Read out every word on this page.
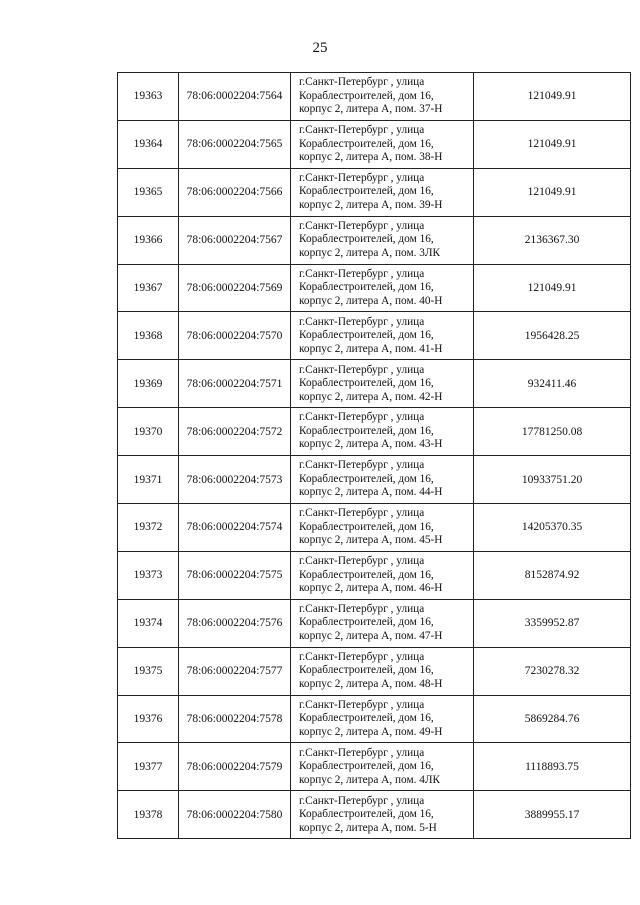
25
19363	78:06:0002204:7564	г.Санкт-Петербург , улица
Кораблестроителей, дом 16,
корпус 2, литера А, пом. 37-Н	121049.91
19364	78:06:0002204:7565	г.Санкт-Петербург , улица
Кораблестроителей, дом 16,
корпус 2, литера А, пом. 38-Н	121049.91
19365	78:06:0002204:7566	г.Санкт-Петербург , улица
Кораблестроителей, дом 16,
корпус 2, литера А, пом. 39-Н	121049.91
19366	78:06:0002204:7567	г.Санкт-Петербург , улица
Кораблестроителей, дом 16,
корпус 2, литера А, пом. 3ЛК	2136367.30
19367	78:06:0002204:7569	г.Санкт-Петербург , улица
Кораблестроителей, дом 16,
корпус 2, литера А, пом. 40-Н	121049.91
19368	78:06:0002204:7570	г.Санкт-Петербург , улица
Кораблестроителей, дом 16,
корпус 2, литера А, пом. 41-Н	1956428.25
19369	78:06:0002204:7571	г.Санкт-Петербург , улица
Кораблестроителей, дом 16,
корпус 2, литера А, пом. 42-Н	932411.46
19370	78:06:0002204:7572	г.Санкт-Петербург , улица
Кораблестроителей, дом 16,
корпус 2, литера А, пом. 43-Н	17781250.08
19371	78:06:0002204:7573	г.Санкт-Петербург , улица
Кораблестроителей, дом 16,
корпус 2, литера А, пом. 44-Н	10933751.20
19372	78:06:0002204:7574	г.Санкт-Петербург , улица
Кораблестроителей, дом 16,
корпус 2, литера А, пом. 45-Н	14205370.35
19373	78:06:0002204:7575	г.Санкт-Петербург , улица
Кораблестроителей, дом 16,
корпус 2, литера А, пом. 46-Н	8152874.92
19374	78:06:0002204:7576	г.Санкт-Петербург , улица
Кораблестроителей, дом 16,
корпус 2, литера А, пом. 47-Н	3359952.87
19375	78:06:0002204:7577	г.Санкт-Петербург , улица
Кораблестроителей, дом 16,
корпус 2, литера А, пом. 48-Н	7230278.32
19376	78:06:0002204:7578	г.Санкт-Петербург , улица
Кораблестроителей, дом 16,
корпус 2, литера А, пом. 49-Н	5869284.76
19377	78:06:0002204:7579	г.Санкт-Петербург , улица
Кораблестроителей, дом 16,
корпус 2, литера А, пом. 4ЛК	1118893.75
19378	78:06:0002204:7580	г.Санкт-Петербург , улица
Кораблестроителей, дом 16,
корпус 2, литера А, пом. 5-Н	3889955.17
